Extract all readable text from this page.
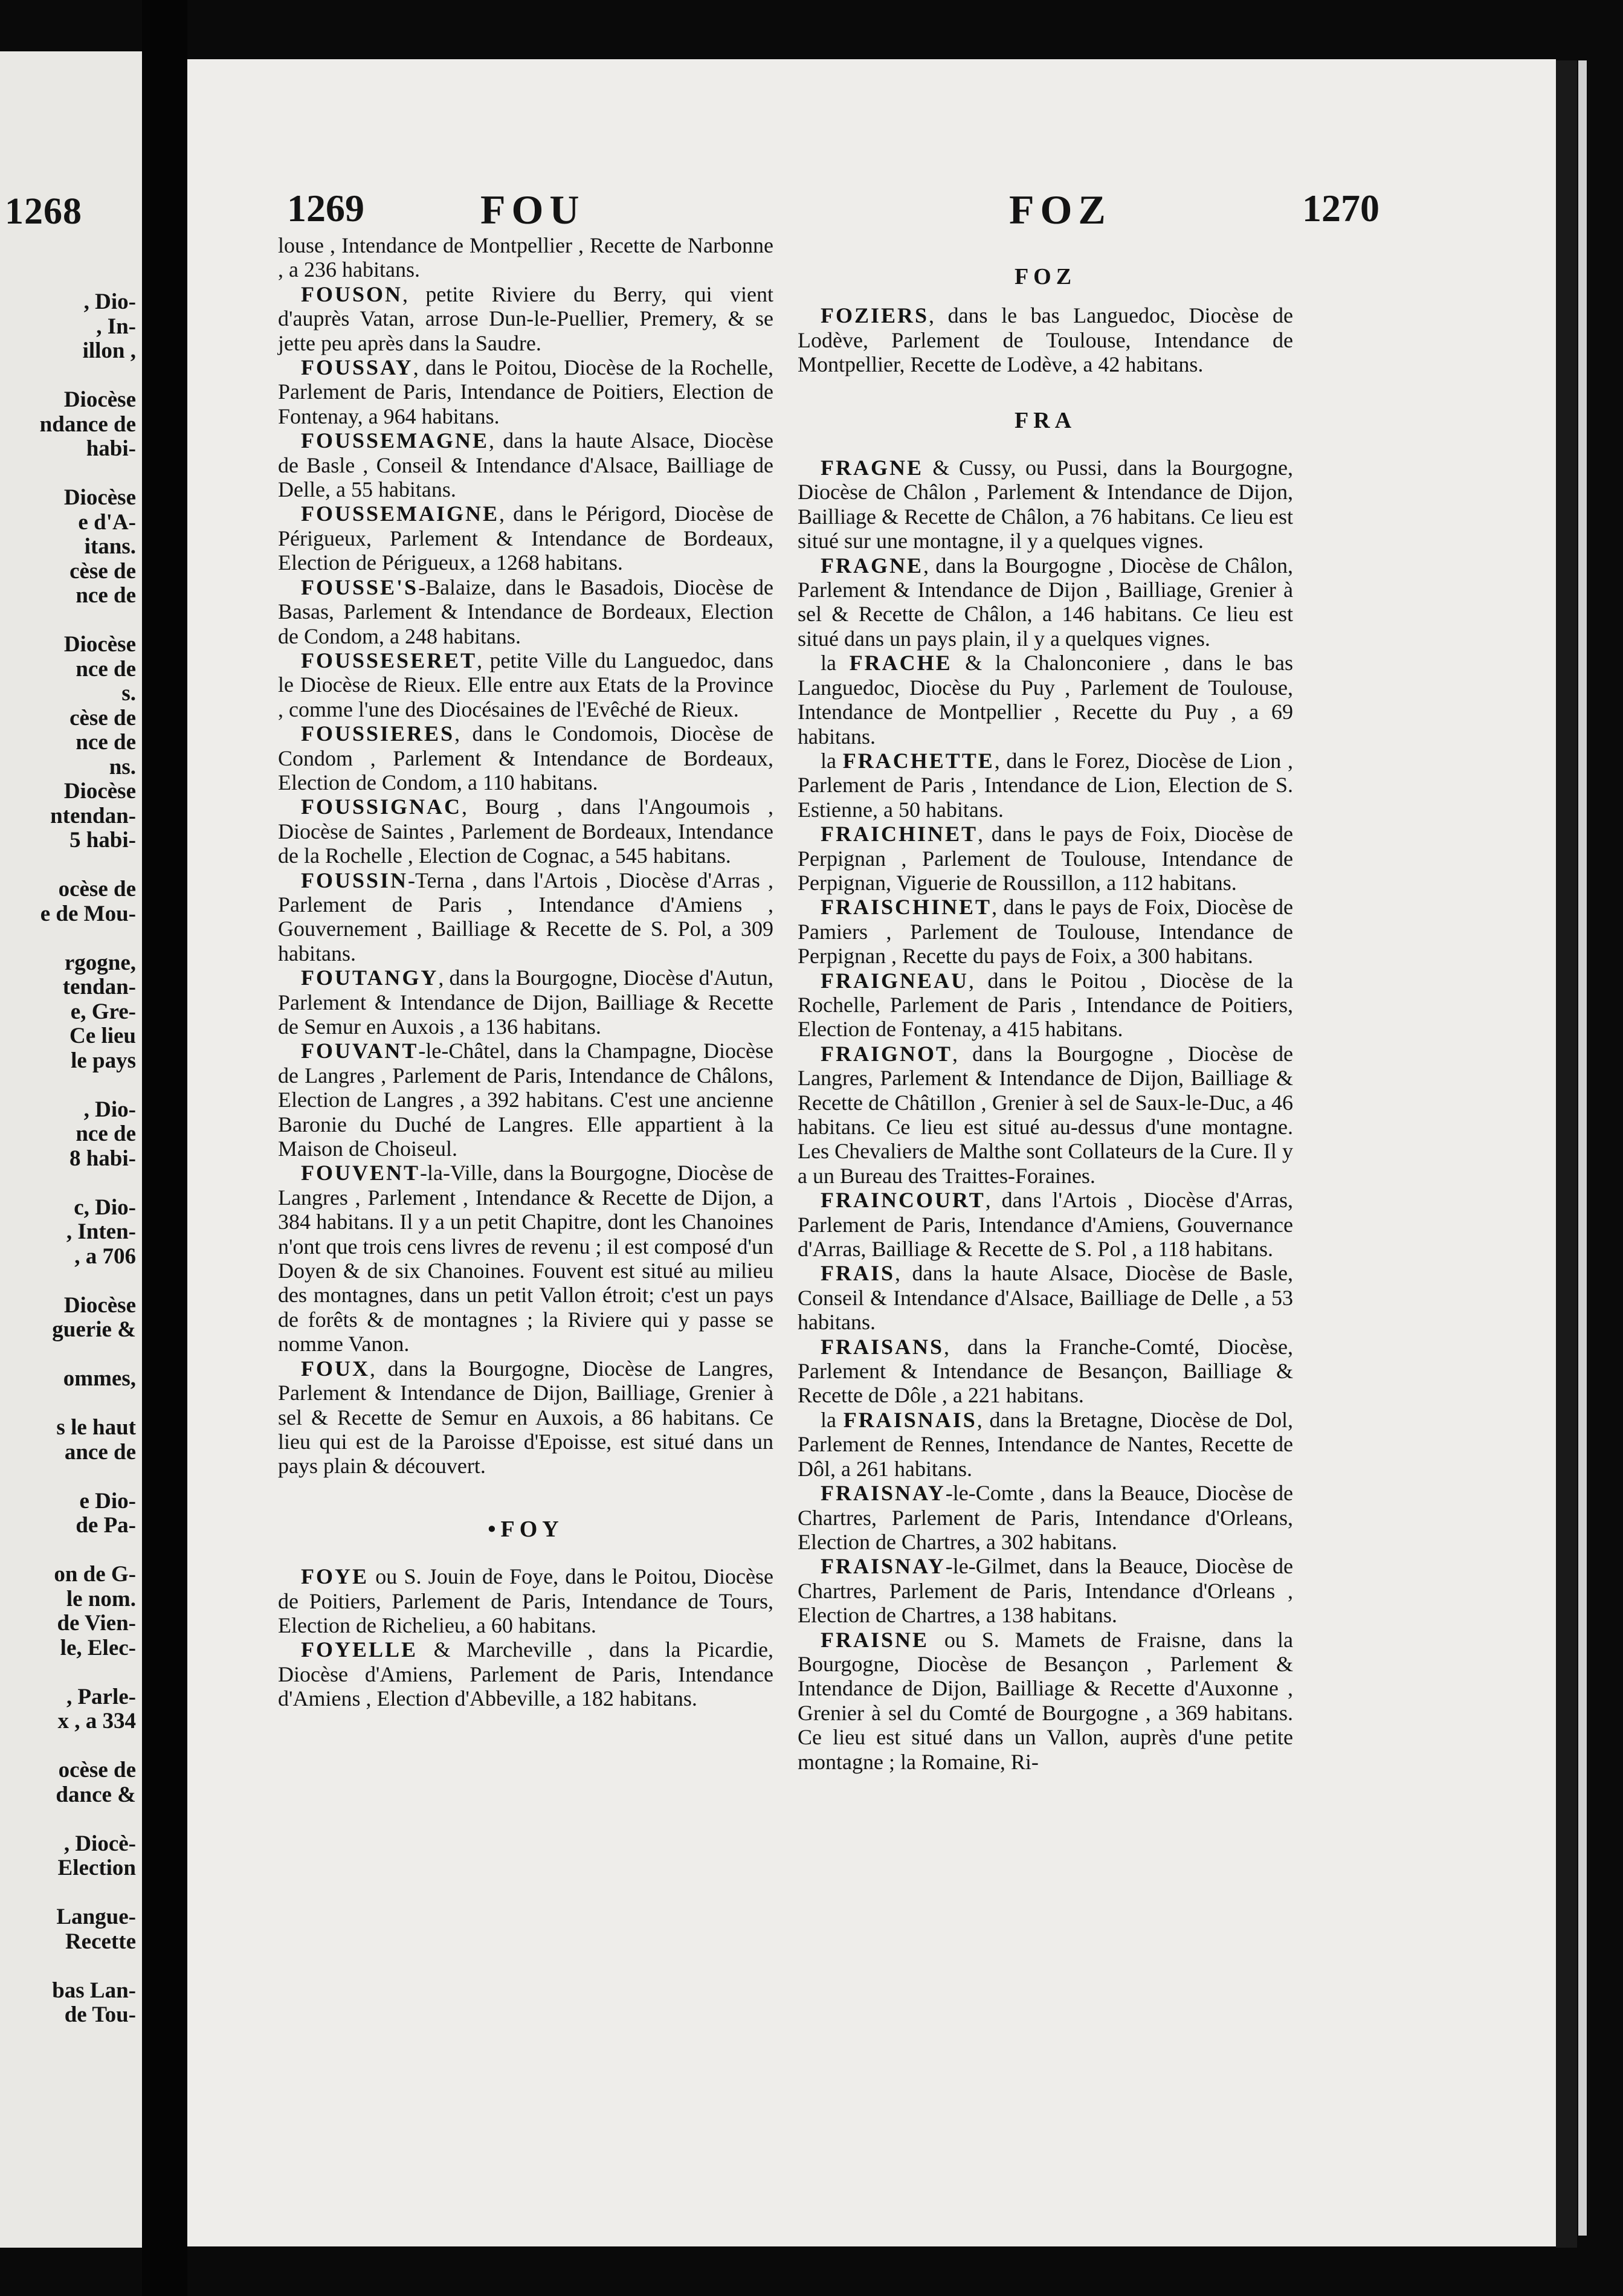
1268
, Dio-
, In-
illon ,
Diocèse
ndance de
habi-
Diocèse
e d'A-
itans.
cèse de
nce de
Diocèse
nce de
s.
cèse de
nce de
ns.
Diocèse
ntendan-
5 habi-
ocèse de
e de Mou-
rgogne,
tendan-
e, Gre-
Ce lieu
le pays
, Dio-
nce de
8 habi-
c, Dio-
, Inten-
, a 706
Diocèse
guerie &
ommes,
s le haut
ance de
e Dio-
de Pa-
on de G-
le nom.
de Vien-
le, Elec-
, Parle-
x , a 334
ocèse de
dance &
, Diocè-
Election
Langue-
Recette
bas Lan-
de Tou-
1269	FOU	FOZ	1270

louse , Intendance de Montpellier , Recette de Narbonne , a 236 habitans.

FOUSON, petite Riviere du Berry, qui vient d'auprès Vatan, arrose Dun-le-Puellier, Premery, & se jette peu après dans la Saudre.

FOUSSAY, dans le Poitou, Diocèse de la Rochelle, Parlement de Paris, Intendance de Poitiers, Election de Fontenay, a 964 habitans.

FOUSSEMAGNE, dans la haute Alsace, Diocèse de Basle , Conseil & Intendance d'Alsace, Bailliage de Delle, a 55 habitans.

FOUSSEMAIGNE, dans le Périgord, Diocèse de Périgueux, Parlement & Intendance de Bordeaux, Election de Périgueux, a 1268 habitans.

FOUSSE'S-Balaize, dans le Basadois, Diocèse de Basas, Parlement & Intendance de Bordeaux, Election de Condom, a 248 habitans.

FOUSSESERET, petite Ville du Languedoc, dans le Diocèse de Rieux. Elle entre aux Etats de la Province , comme l'une des Diocésaines de l'Evêché de Rieux.

FOUSSIERES, dans le Condomois, Diocèse de Condom , Parlement & Intendance de Bordeaux, Election de Condom, a 110 habitans.

FOUSSIGNAC, Bourg , dans l'Angoumois , Diocèse de Saintes , Parlement de Bordeaux, Intendance de la Rochelle , Election de Cognac, a 545 habitans.

FOUSSIN-Terna , dans l'Artois , Diocèse d'Arras , Parlement de Paris , Intendance d'Amiens , Gouvernement , Bailliage & Recette de S. Pol, a 309 habitans.

FOUTANGY, dans la Bourgogne, Diocèse d'Autun, Parlement & Intendance de Dijon, Bailliage & Recette de Semur en Auxois , a 136 habitans.

FOUVANT-le-Châtel, dans la Champagne, Diocèse de Langres , Parlement de Paris, Intendance de Châlons, Election de Langres , a 392 habitans. C'est une ancienne Baronie du Duché de Langres. Elle appartient à la Maison de Choiseul.

FOUVENT-la-Ville, dans la Bourgogne, Diocèse de Langres , Parlement , Intendance & Recette de Dijon, a 384 habitans. Il y a un petit Chapitre, dont les Chanoines n'ont que trois cens livres de revenu ; il est composé d'un Doyen & de six Chanoines. Fouvent est situé au milieu des montagnes, dans un petit Vallon étroit; c'est un pays de forêts & de montagnes ; la Riviere qui y passe se nomme Vanon.

FOUX, dans la Bourgogne, Diocèse de Langres, Parlement & Intendance de Dijon, Bailliage, Grenier à sel & Recette de Semur en Auxois, a 86 habitans. Ce lieu qui est de la Paroisse d'Epoisse, est situé dans un pays plain & découvert.

•FOY

FOYE ou S. Jouin de Foye, dans le Poitou, Diocèse de Poitiers, Parlement de Paris, Intendance de Tours, Election de Richelieu, a 60 habitans.

FOYELLE & Marcheville , dans la Picardie, Diocèse d'Amiens, Parlement de Paris, Intendance d'Amiens , Election d'Abbeville, a 182 habitans.

FOZ

FOZIERS, dans le bas Languedoc, Diocèse de Lodève, Parlement de Toulouse, Intendance de Montpellier, Recette de Lodève, a 42 habitans.

FRA

FRAGNE & Cussy, ou Pussi, dans la Bourgogne, Diocèse de Châlon , Parlement & Intendance de Dijon, Bailliage & Recette de Châlon, a 76 habitans. Ce lieu est situé sur une montagne, il y a quelques vignes.

FRAGNE, dans la Bourgogne , Diocèse de Châlon, Parlement & Intendance de Dijon , Bailliage, Grenier à sel & Recette de Châlon, a 146 habitans. Ce lieu est situé dans un pays plain, il y a quelques vignes.

la FRACHE & la Chalonconiere , dans le bas Languedoc, Diocèse du Puy , Parlement de Toulouse, Intendance de Montpellier , Recette du Puy , a 69 habitans.

la FRACHETTE, dans le Forez, Diocèse de Lion , Parlement de Paris , Intendance de Lion, Election de S. Estienne, a 50 habitans.

FRAICHINET, dans le pays de Foix, Diocèse de Perpignan , Parlement de Toulouse, Intendance de Perpignan, Viguerie de Roussillon, a 112 habitans.

FRAISCHINET, dans le pays de Foix, Diocèse de Pamiers , Parlement de Toulouse, Intendance de Perpignan , Recette du pays de Foix, a 300 habitans.

FRAIGNEAU, dans le Poitou , Diocèse de la Rochelle, Parlement de Paris , Intendance de Poitiers, Election de Fontenay, a 415 habitans.

FRAIGNOT, dans la Bourgogne , Diocèse de Langres, Parlement & Intendance de Dijon, Bailliage & Recette de Châtillon , Grenier à sel de Saux-le-Duc, a 46 habitans. Ce lieu est situé au-dessus d'une montagne. Les Chevaliers de Malthe sont Collateurs de la Cure. Il y a un Bureau des Traittes-Foraines.

FRAINCOURT, dans l'Artois , Diocèse d'Arras, Parlement de Paris, Intendance d'Amiens, Gouvernance d'Arras, Bailliage & Recette de S. Pol , a 118 habitans.

FRAIS, dans la haute Alsace, Diocèse de Basle, Conseil & Intendance d'Alsace, Bailliage de Delle , a 53 habitans.

FRAISANS, dans la Franche-Comté, Diocèse, Parlement & Intendance de Besançon, Bailliage & Recette de Dôle , a 221 habitans.

la FRAISNAIS, dans la Bretagne, Diocèse de Dol, Parlement de Rennes, Intendance de Nantes, Recette de Dôl, a 261 habitans.

FRAISNAY-le-Comte , dans la Beauce, Diocèse de Chartres, Parlement de Paris, Intendance d'Orleans, Election de Chartres, a 302 habitans.

FRAISNAY-le-Gilmet, dans la Beauce, Diocèse de Chartres, Parlement de Paris, Intendance d'Orleans , Election de Chartres, a 138 habitans.

FRAISNE ou S. Mamets de Fraisne, dans la Bourgogne, Diocèse de Besançon , Parlement & Intendance de Dijon, Bailliage & Recette d'Auxonne , Grenier à sel du Comté de Bourgogne , a 369 habitans. Ce lieu est situé dans un Vallon, auprès d'une petite montagne ; la Romaine, Ri-
